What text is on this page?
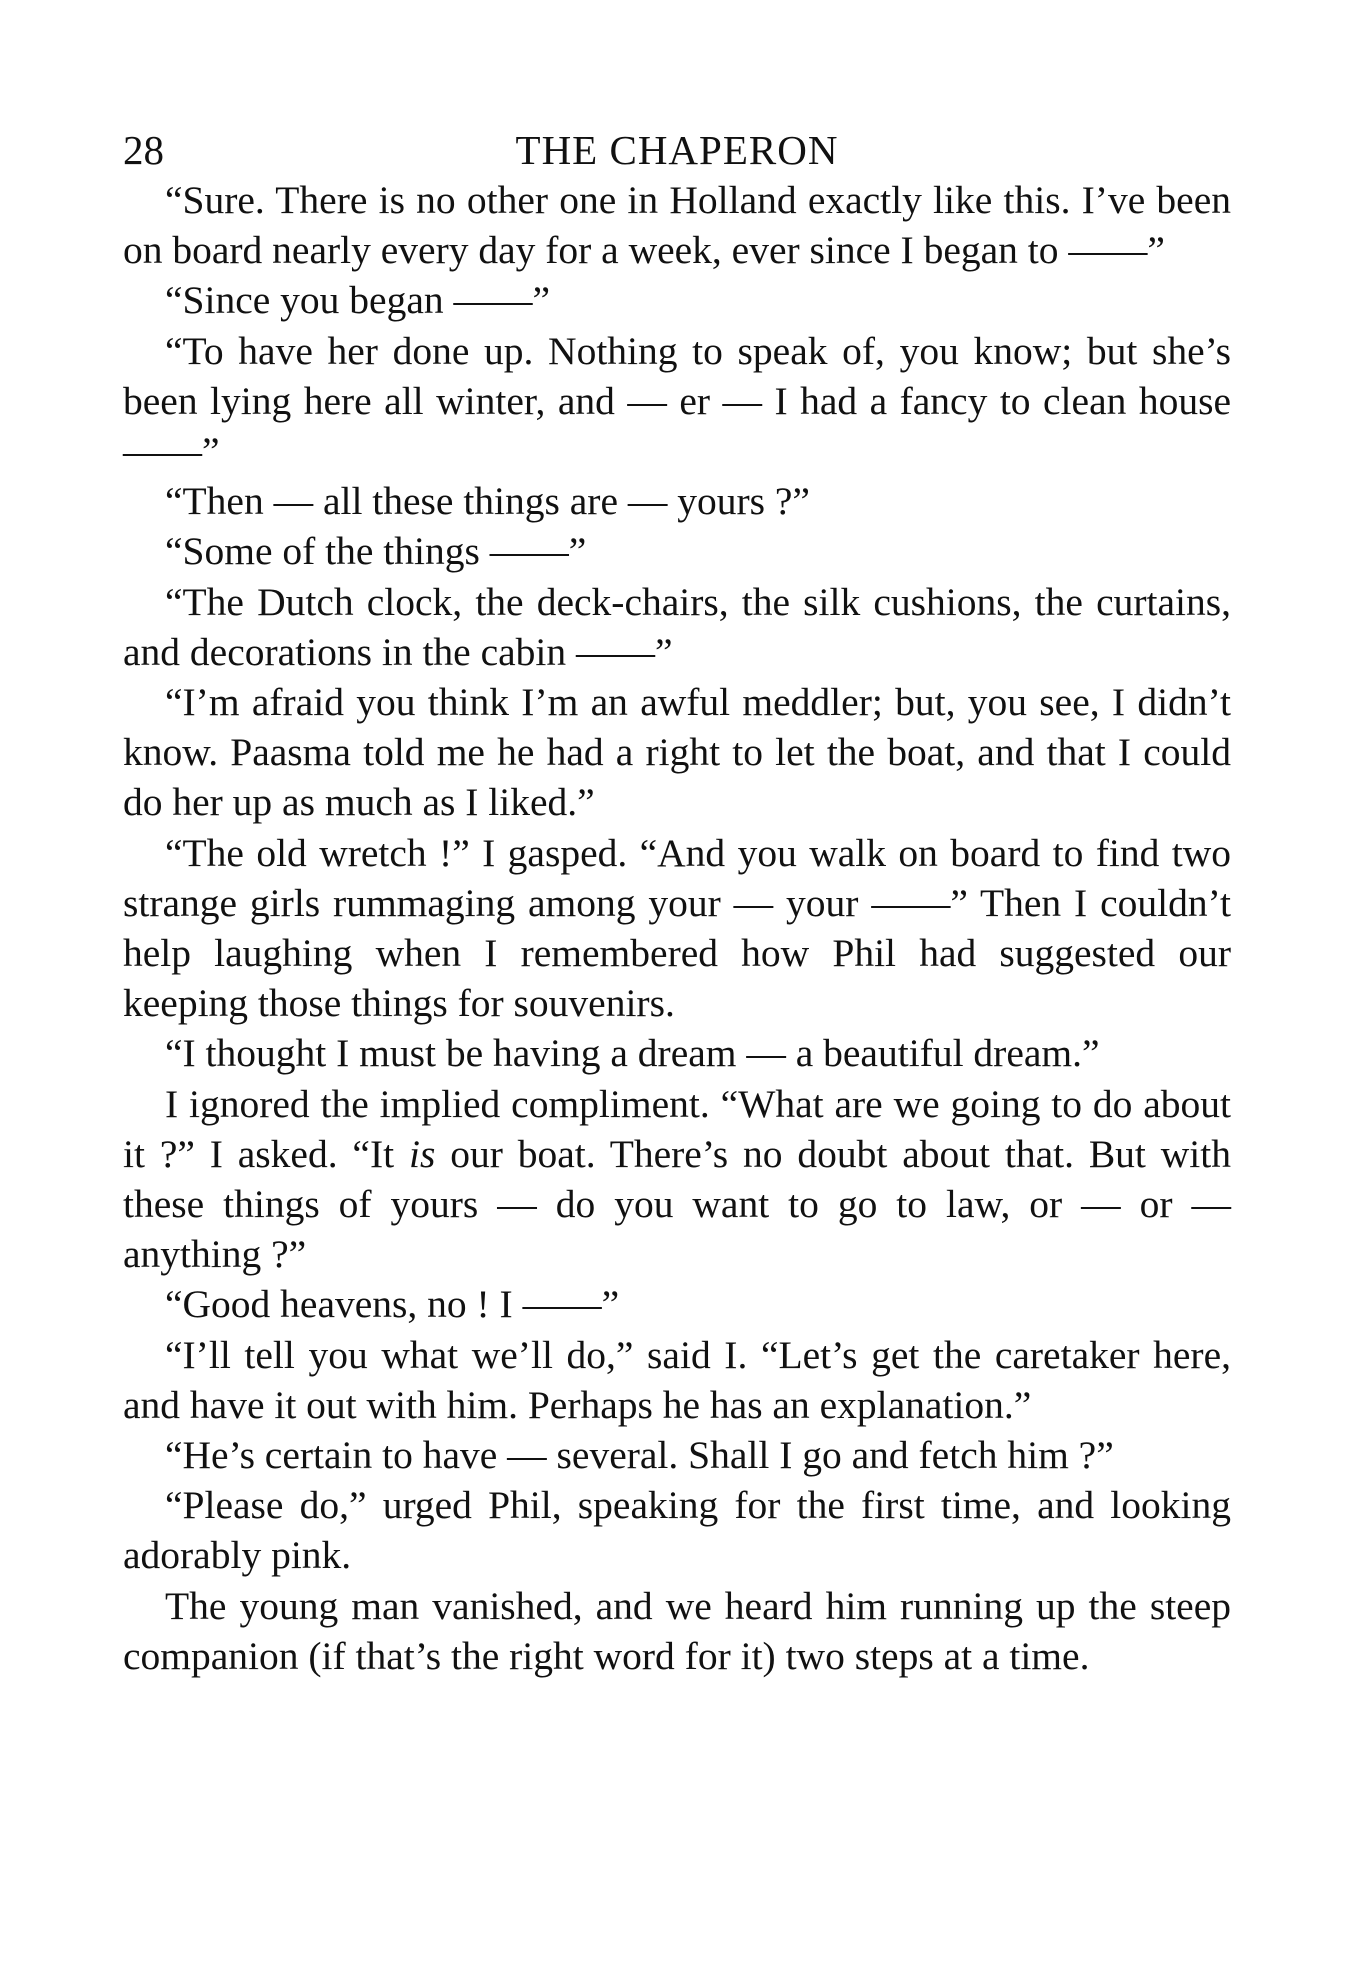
28	THE CHAPERON

“Sure. There is no other one in Holland exactly like this. I’ve been on board nearly every day for a week, ever since I began to ——”

“Since you began ——”

“To have her done up. Nothing to speak of, you know; but she’s been lying here all winter, and — er — I had a fancy to clean house ——”

“Then — all these things are — yours ?”

“Some of the things ——”

“The Dutch clock, the deck-chairs, the silk cushions, the curtains, and decorations in the cabin ——”

“I’m afraid you think I’m an awful meddler; but, you see, I didn’t know. Paasma told me he had a right to let the boat, and that I could do her up as much as I liked.”

“The old wretch !” I gasped. “And you walk on board to find two strange girls rummaging among your — your ——” Then I couldn’t help laughing when I remembered how Phil had suggested our keeping those things for souvenirs.

“I thought I must be having a dream — a beautiful dream.”

I ignored the implied compliment. “What are we going to do about it ?” I asked. “It is our boat. There’s no doubt about that. But with these things of yours — do you want to go to law, or — or — anything ?”

“Good heavens, no ! I ——”

“I’ll tell you what we’ll do,” said I. “Let’s get the caretaker here, and have it out with him. Perhaps he has an explanation.”

“He’s certain to have — several. Shall I go and fetch him ?”

“Please do,” urged Phil, speaking for the first time, and looking adorably pink.

The young man vanished, and we heard him running up the steep companion (if that’s the right word for it) two steps at a time.
